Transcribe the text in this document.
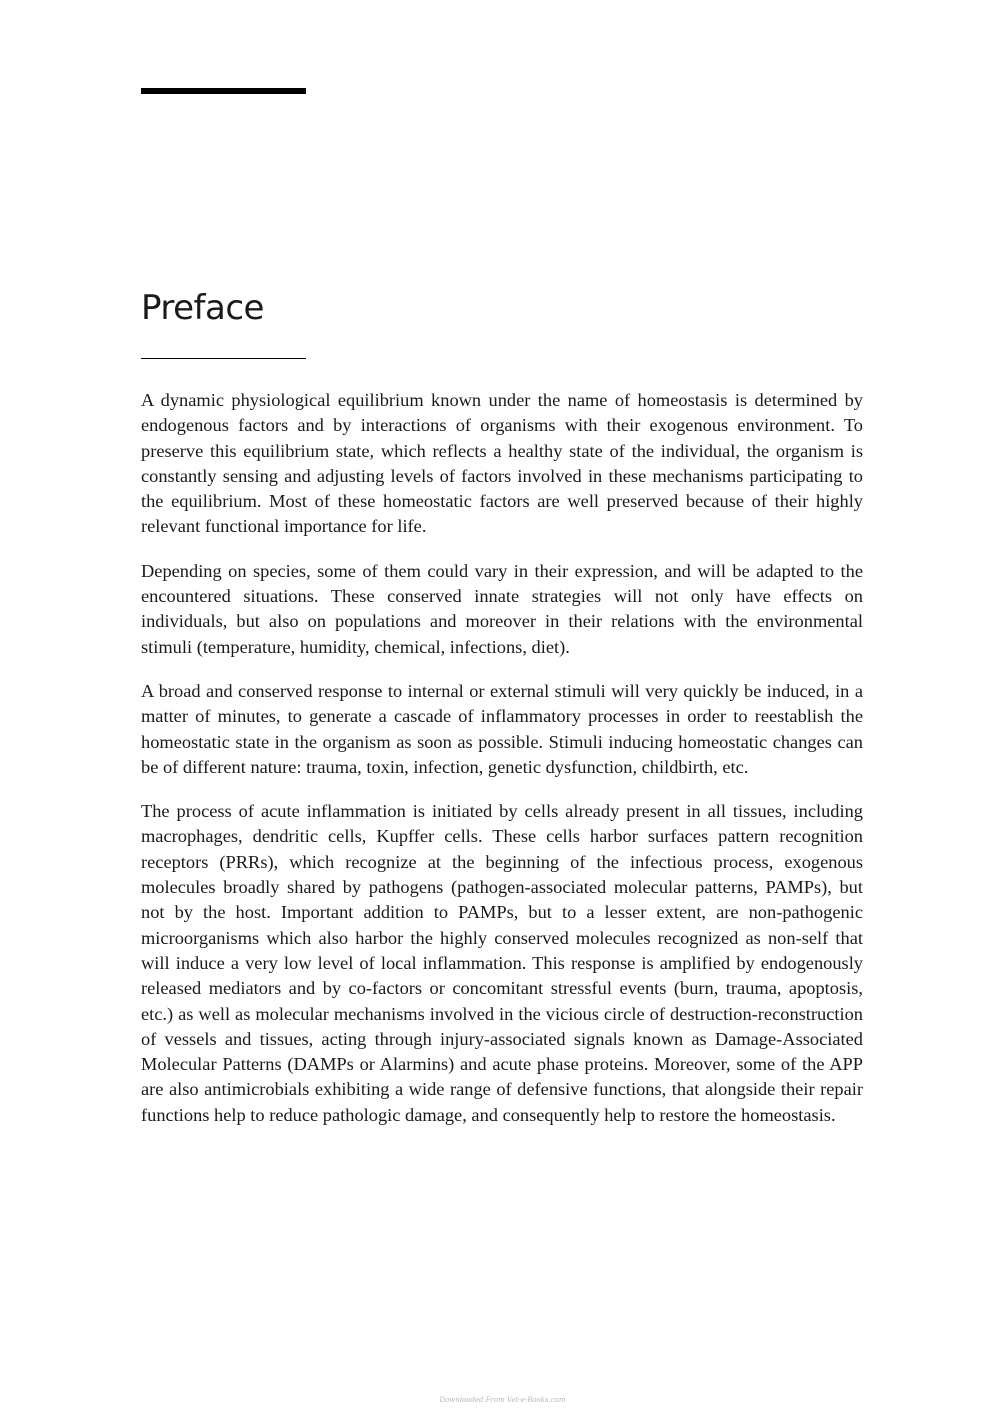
Preface

A dynamic physiological equilibrium known under the name of homeostasis is determined by endogenous factors and by interactions of organisms with their exogenous environment. To preserve this equilibrium state, which reflects a healthy state of the individual, the organism is constantly sensing and adjusting levels of factors involved in these mechanisms participating to the equilibrium. Most of these homeostatic factors are well preserved because of their highly relevant functional importance for life.

Depending on species, some of them could vary in their expression, and will be adapted to the encountered situations. These conserved innate strategies will not only have effects on individuals, but also on populations and moreover in their relations with the environmental stimuli (temperature, humidity, chemical, infections, diet).

A broad and conserved response to internal or external stimuli will very quickly be induced, in a matter of minutes, to generate a cascade of inflammatory processes in order to reestablish the homeostatic state in the organism as soon as possible. Stimuli inducing homeostatic changes can be of different nature: trauma, toxin, infection, genetic dysfunction, childbirth, etc.

The process of acute inflammation is initiated by cells already present in all tissues, including macrophages, dendritic cells, Kupffer cells. These cells harbor surfaces pattern recognition receptors (PRRs), which recognize at the beginning of the infectious process, exogenous molecules broadly shared by pathogens (pathogen-associated molecular patterns, PAMPs), but not by the host. Important addition to PAMPs, but to a lesser extent, are non-pathogenic microorganisms which also harbor the highly conserved molecules recognized as non-self that will induce a very low level of local inflammation. This response is amplified by endogenously released mediators and by co-factors or concomitant stressful events (burn, trauma, apoptosis, etc.) as well as molecular mechanisms involved in the vicious circle of destruction-reconstruction of vessels and tissues, acting through injury-associated signals known as Damage-Associated Molecular Patterns (DAMPs or Alarmins) and acute phase proteins. Moreover, some of the APP are also antimicrobials exhibiting a wide range of defensive functions, that alongside their repair functions help to reduce pathologic damage, and consequently help to restore the homeostasis.

Downloaded From Vet-e-Books.com
